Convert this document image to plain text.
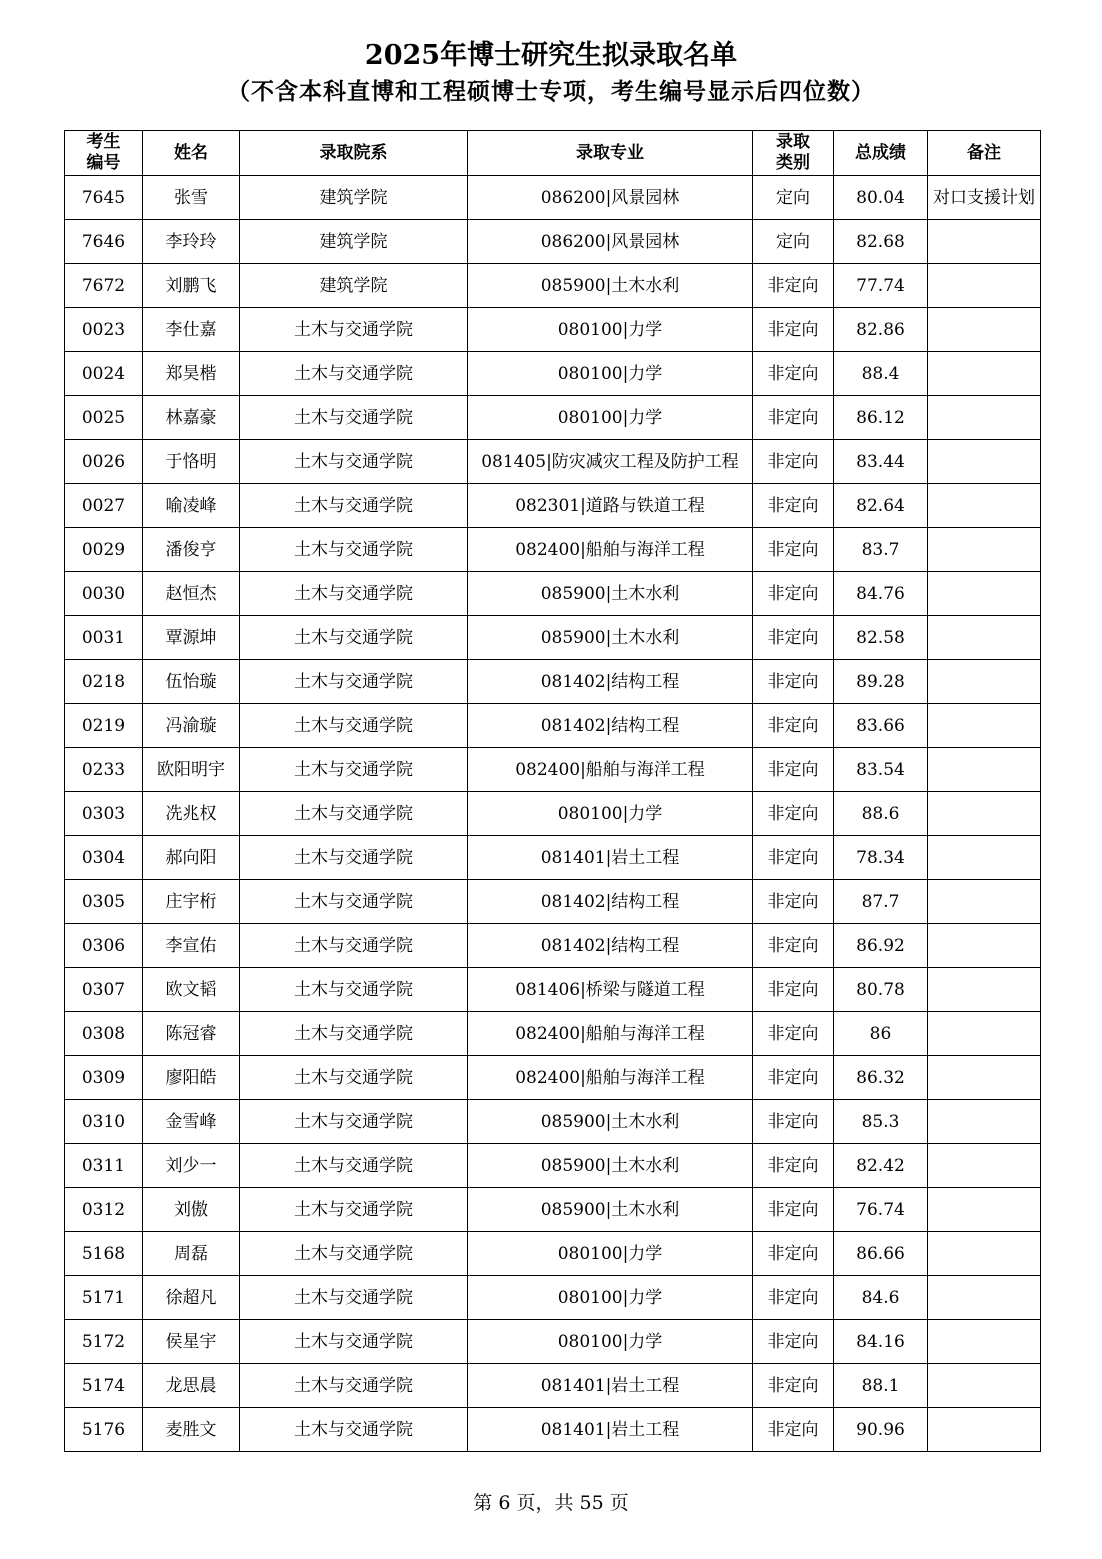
2025年博士研究生拟录取名单
（不含本科直博和工程硕博士专项，考生编号显示后四位数）
考生编号	姓名	录取院系	录取专业	录取类别	总成绩	备注
7645	张雪	建筑学院	086200|风景园林	定向	80.04	对口支援计划
7646	李玲玲	建筑学院	086200|风景园林	定向	82.68	
7672	刘鹏飞	建筑学院	085900|土木水利	非定向	77.74	
0023	李仕嘉	土木与交通学院	080100|力学	非定向	82.86	
0024	郑昊楷	土木与交通学院	080100|力学	非定向	88.4	
0025	林嘉豪	土木与交通学院	080100|力学	非定向	86.12	
0026	于恪明	土木与交通学院	081405|防灾减灾工程及防护工程	非定向	83.44	
0027	喻凌峰	土木与交通学院	082301|道路与铁道工程	非定向	82.64	
0029	潘俊亨	土木与交通学院	082400|船舶与海洋工程	非定向	83.7	
0030	赵恒杰	土木与交通学院	085900|土木水利	非定向	84.76	
0031	覃源坤	土木与交通学院	085900|土木水利	非定向	82.58	
0218	伍怡璇	土木与交通学院	081402|结构工程	非定向	89.28	
0219	冯渝璇	土木与交通学院	081402|结构工程	非定向	83.66	
0233	欧阳明宇	土木与交通学院	082400|船舶与海洋工程	非定向	83.54	
0303	冼兆权	土木与交通学院	080100|力学	非定向	88.6	
0304	郝向阳	土木与交通学院	081401|岩土工程	非定向	78.34	
0305	庄宇桁	土木与交通学院	081402|结构工程	非定向	87.7	
0306	李宣佑	土木与交通学院	081402|结构工程	非定向	86.92	
0307	欧文韬	土木与交通学院	081406|桥梁与隧道工程	非定向	80.78	
0308	陈冠睿	土木与交通学院	082400|船舶与海洋工程	非定向	86	
0309	廖阳皓	土木与交通学院	082400|船舶与海洋工程	非定向	86.32	
0310	金雪峰	土木与交通学院	085900|土木水利	非定向	85.3	
0311	刘少一	土木与交通学院	085900|土木水利	非定向	82.42	
0312	刘傲	土木与交通学院	085900|土木水利	非定向	76.74	
5168	周磊	土木与交通学院	080100|力学	非定向	86.66	
5171	徐超凡	土木与交通学院	080100|力学	非定向	84.6	
5172	侯星宇	土木与交通学院	080100|力学	非定向	84.16	
5174	龙思晨	土木与交通学院	081401|岩土工程	非定向	88.1	
5176	麦胜文	土木与交通学院	081401|岩土工程	非定向	90.96	
第 6 页，共 55 页
